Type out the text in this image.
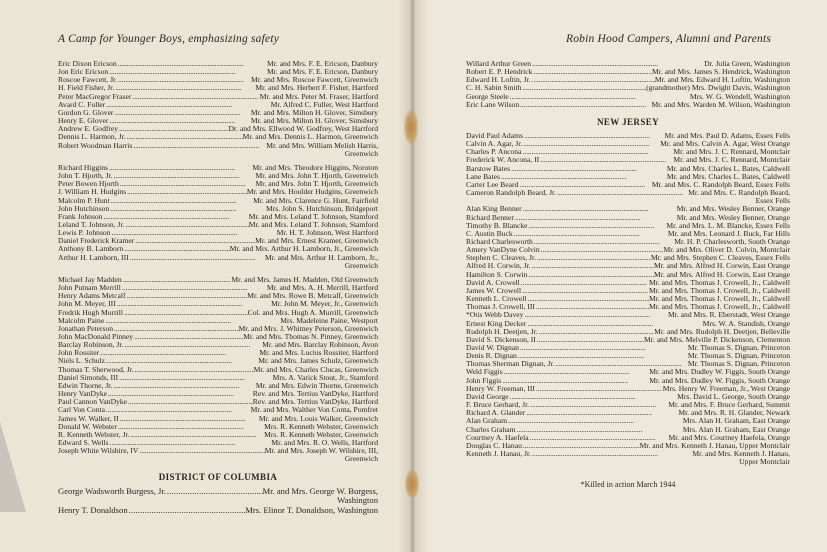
A Camp for Younger Boys, emphasizing safety
Eric Dixon Ericson . . .	Mr. and Mrs. F. E. Ericson, Danbury
Jon Eric Ericson . . .	Mr. and Mrs. F. E. Ericson, Danbury
Roscoe Fawcett, Jr. . . .	Mr. and Mrs. Roscoe Fawcett, Greenwich
H. Field Fisher, Jr. . . .	Mr. and Mrs. Herbert F. Fisher, Hartford
Peter MacGregor Fraser . . .	Mr. and Mrs. Peter M. Fraser, Hartford
Avard C. Fuller . . .	Mr. Alfred C. Fuller, West Hartford
Gordon G. Glover . . .	Mr. and Mrs. Milton H. Glover, Simsbury
Henry E. Glover . . .	Mr. and Mrs. Milton H. Glover, Simsbury
Andrew E. Godfrey . . .	Dr. and Mrs. Ellwood W. Godfrey, West Hartford
Dennis L. Harmon, Jr. . . .	Mr. and Mrs. Dennis L. Harmon, Greenwich
Robert Woodman Harris . . .	Mr. and Mrs. William Melish Harris,
Greenwich
Richard Higgins . . .	Mr. and Mrs. Theodore Higgins, Noroton
John T. Hjorth, Jr. . . .	Mr. and Mrs. John T. Hjorth, Greenwich
Peter Bowen Hjorth . . .	Mr. and Mrs. John T. Hjorth, Greenwich
J. William H. Hudgins . . .	Mr. and Mrs. Houlder Hudgins, Greenwich
Malcolm P. Hunt . . .	Mr. and Mrs. Clarence G. Hunt, Fairfield
John Hutchinson . . .	Mrs. John S. Hutchinson, Bridgeport
Frank Johnson . . .	Mr. and Mrs. Leland T. Johnson, Stamford
Leland T. Johnson, Jr. . . .	Mr. and Mrs. Leland T. Johnson, Stamford
Lewis P. Johnson . . .	Mr. H. T. Johnson, West Hartford
Daniel Frederick Kramer . . .	Mr. and Mrs. Ernest Kramer, Greenwich
Anthony B. Lamborn . . .	Mr. and Mrs. Arthur H. Lamborn, Jr., Greenwich
Arthur H. Lamborn, III . . .	Mr. and Mrs. Arthur H. Lamborn, Jr.,
Greenwich
Michael Jay Madden . . .	Mr. and Mrs. James H. Madden, Old Greenwich
John Putnam Merrill . . .	Mr. and Mrs. A. H. Merrill, Hartford
Henry Adams Metcalf . . .	Mr. and Mrs. Rowe B. Metcalf, Greenwich
John M. Meyer, III . . .	Mr. John M. Meyer, Jr., Greenwich
Fredrik Hugh Murrill . . .	Col. and Mrs. Hugh A. Murrill, Greenwich
Malcolm Paine . . .	Mrs. Madeleine Paine, Westport
Jonathan Peterson . . .	Mr. and Mrs. J. Whitney Peterson, Greenwich
John MacDonald Pinney . . .	Mr. and Mrs. Thomas N. Pinney, Greenwich
Barclay Robinson, Jr. . . .	Mr. and Mrs. Barclay Robinson, Avon
John Rossiter . . .	Mr. and Mrs. Lucius Rossiter, Hartford
Niels L. Schulz . . .	Mr. and Mrs. James Schulz, Greenwich
Thomas T. Sherwood, Jr. . . .	Mr. and Mrs. Charles Clucas, Greenwich
Daniel Simonds, III . . .	Mrs. A. Varick Stout, Jr., Stamford
Edwin Thorne, Jr. . . .	Mr. and Mrs. Edwin Thorne, Greenwich
Henry VanDyke . . .	Rev. and Mrs. Tertius VanDyke, Hartford
Paul Cannon VanDyke . . .	Rev. and Mrs. Tertius VanDyke, Hartford
Carl Von Conta . . .	Mr. and Mrs. Walther Von Conta, Pomfret
James W. Walker, II . . .	Mr. and Mrs. Louis Walker, Greenwich
Donald W. Webster . . .	Mrs. R. Kenneth Webster, Greenwich
R. Kenneth Webster, Jr. . . .	Mrs. R. Kenneth Webster, Greenwich
Edward S. Wells . . .	Mr. and Mrs. R. O. Wells, Hartford
Joseph White Wilshire, IV . . .	Mr. and Mrs. Joseph W. Wilshire, III,
Greenwich
DISTRICT OF COLUMBIA
George Wadsworth Burgess, Jr. . . .	Mr. and Mrs. George W. Burgess,
Washington
Henry T. Donaldson . . .	Mrs. Elinor T. Donaldson, Washington
Robin Hood Campers, Alumni and Parents
Willard Arthur Green . . .	Dr. Julia Green, Washington
Robert E. P. Hendrick . . .	Mr. and Mrs. James S. Hendrick, Washington
Edward H. Loftin, Jr. . . .	Mr. and Mrs. Edward H. Loftin, Washington
C. H. Sabin Smith . . .	(grandmother) Mrs. Dwight Davis, Washington
George Steele . . .	Mrs. W. G. Wendell, Washington
Eric Lane Wilson . . .	Mr. and Mrs. Warden M. Wilson, Washington
NEW JERSEY
David Paul Adams . . .	Mr. and Mrs. Paul D. Adams, Essex Fells
Calvin A. Agar, Jr. . . .	Mr. and Mrs. Calvin A. Agar, West Orange
Charles P. Ancona . . .	Mr. and Mrs. J. C. Rennard, Montclair
Frederick W. Ancona, II . . .	Mr. and Mrs. J. C. Rennard, Montclair
Barstow Bates . . .	Mr. and Mrs. Charles L. Bates, Caldwell
Lane Bates . . .	Mr. and Mrs. Charles L. Bates, Caldwell
Carter Lee Beard . . .	Mr. and Mrs. C. Randolph Beard, Essex Fells
Cameron Randolph Beard, Jr. . . .	Mr. and Mrs. C. Randolph Beard,
Essex Fells
Alan King Benner . . .	Mr. and Mrs. Wesley Benner, Orange
Richard Benner . . .	Mr. and Mrs. Wesley Benner, Orange
Timothy B. Blancke . . .	Mr. and Mrs. L. M. Blancke, Essex Fells
C. Austin Buck . . .	Mr. and Mrs. Leonard J. Buck, Far Hills
Richard Charlesworth . . .	Mr. H. P. Charlesworth, South Orange
Amery VanDyne Colvin . . .	Mr. and Mrs. Oliver D. Colvin, Montclair
Stephen C. Cleaves, Jr. . . .	Mr. and Mrs. Stephen C. Cleaves, Essex Fells
Alfred H. Corwin, Jr. . . .	Mr. and Mrs. Alfred H. Corwin, East Orange
Hamilton S. Corwin . . .	Mr. and Mrs. Alfred H. Corwin, East Orange
David A. Crowell . . .	Mr. and Mrs. Thomas J. Crowell, Jr., Caldwell
James W. Crowell . . .	Mr. and Mrs. Thomas J. Crowell, Jr., Caldwell
Kenneth L. Crowell . . .	Mr. and Mrs. Thomas J. Crowell, Jr., Caldwell
Thomas J. Crowell, III . . .	Mr. and Mrs. Thomas J. Crowell, Jr., Caldwell
*Otis Webb Davey . . .	Mr. and Mrs. R. Eberstadt, West Orange
Ernest King Decker . . .	Mrs. W. A. Standish, Orange
Rudolph H. Deetjen, Jr. . . .	Mr. and Mrs. Rudolph H. Deetjen, Belleville
David S. Dickenson, II . . .	Mr. and Mrs. Melville P. Dickenson, Clementon
David W. Dignan . . .	Mr. Thomas S. Dignan, Princeton
Denis R. Dignan . . .	Mr. Thomas S. Dignan, Princeton
Thomas Sherman Dignan, Jr. . . .	Mr. Thomas S. Dignan, Princeton
Weld Figgis . . .	Mr. and Mrs. Dudley W. Figgis, South Orange
John Figgis . . .	Mr. and Mrs. Dudley W. Figgis, South Orange
Henry W. Freeman, III . . .	Mrs. Henry W. Freeman, Jr., West Orange
David George . . .	Mrs. David L. George, South Orange
F. Bruce Gerhard, Jr. . . .	Mr. and Mrs. F. Bruce Gerhard, Summit
Richard A. Glander . . .	Mr. and Mrs. R. H. Glander, Newark
Alan Graham . . .	Mrs. Alan H. Graham, East Orange
Charles Graham . . .	Mrs. Alan H. Graham, East Orange
Courtney A. Haefela . . .	Mr. and Mrs. Courtney Haefela, Orange
Douglas C. Hanau . . .	Mr. and Mrs. Kenneth J. Hanau, Upper Montclair
Kenneth J. Hanau, Jr. . . .	Mr. and Mrs. Kenneth J. Hanau,
Upper Montclair
*Killed in action March 1944
